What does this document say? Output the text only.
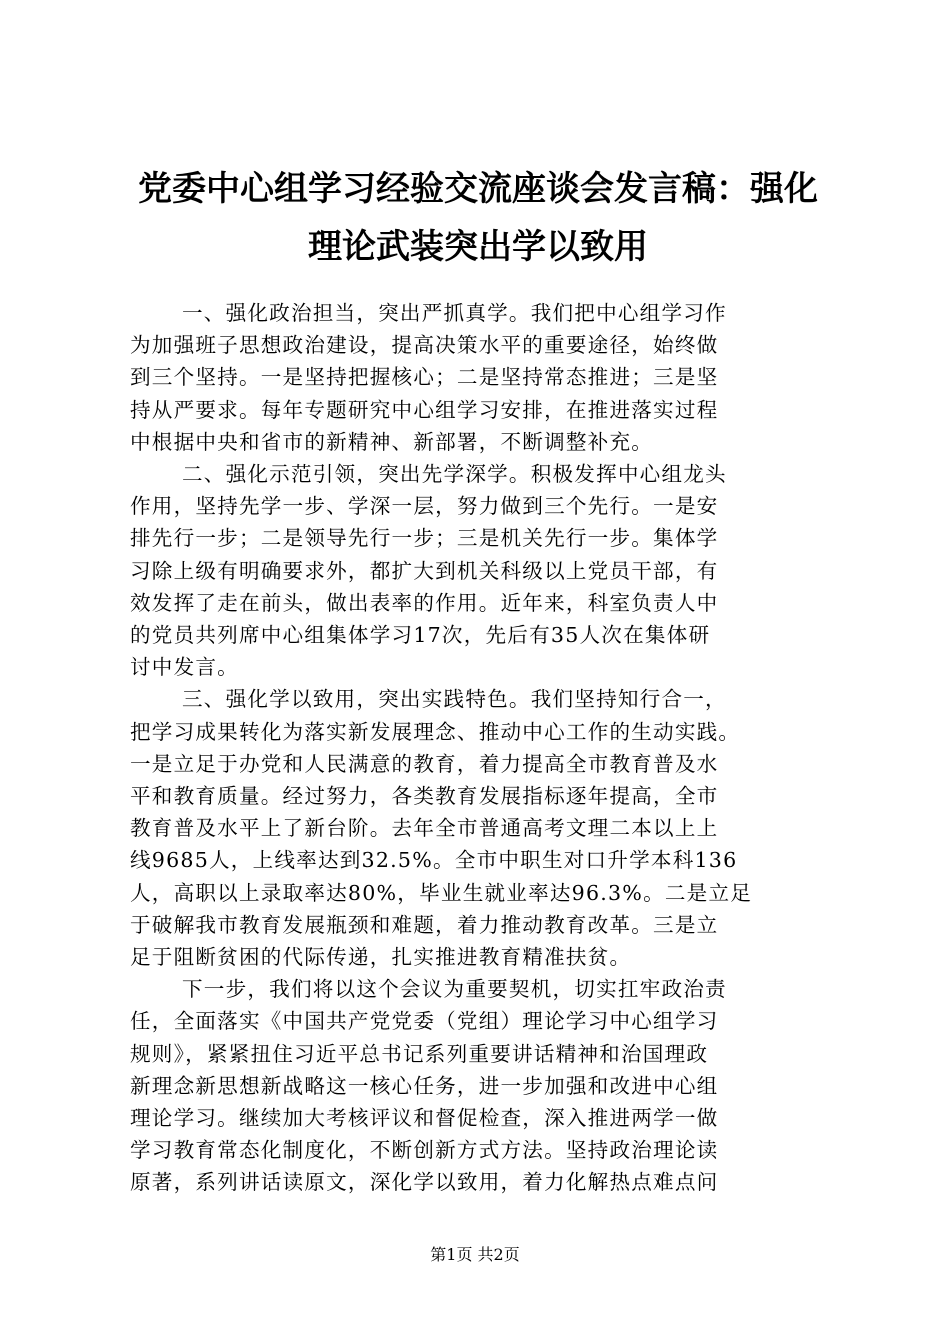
党委中心组学习经验交流座谈会发言稿：强化
理论武装突出学以致用

一、强化政治担当，突出严抓真学。我们把中心组学习作
为加强班子思想政治建设，提高决策水平的重要途径，始终做
到三个坚持。一是坚持把握核心；二是坚持常态推进；三是坚
持从严要求。每年专题研究中心组学习安排，在推进落实过程
中根据中央和省市的新精神、新部署，不断调整补充。

二、强化示范引领，突出先学深学。积极发挥中心组龙头
作用，坚持先学一步、学深一层，努力做到三个先行。一是安
排先行一步；二是领导先行一步；三是机关先行一步。集体学
习除上级有明确要求外，都扩大到机关科级以上党员干部，有
效发挥了走在前头，做出表率的作用。近年来，科室负责人中
的党员共列席中心组集体学习17次，先后有35人次在集体研
讨中发言。

三、强化学以致用，突出实践特色。我们坚持知行合一，
把学习成果转化为落实新发展理念、推动中心工作的生动实践。
一是立足于办党和人民满意的教育，着力提高全市教育普及水
平和教育质量。经过努力，各类教育发展指标逐年提高，全市
教育普及水平上了新台阶。去年全市普通高考文理二本以上上
线9685人，上线率达到32.5%。全市中职生对口升学本科136
人，高职以上录取率达80%，毕业生就业率达96.3%。二是立足
于破解我市教育发展瓶颈和难题，着力推动教育改革。三是立
足于阻断贫困的代际传递，扎实推进教育精准扶贫。

下一步，我们将以这个会议为重要契机，切实扛牢政治责
任，全面落实《中国共产党党委（党组）理论学习中心组学习
规则》，紧紧扭住习近平总书记系列重要讲话精神和治国理政
新理念新思想新战略这一核心任务，进一步加强和改进中心组
理论学习。继续加大考核评议和督促检查，深入推进两学一做
学习教育常态化制度化，不断创新方式方法。坚持政治理论读
原著，系列讲话读原文，深化学以致用，着力化解热点难点问

第1页 共2页
